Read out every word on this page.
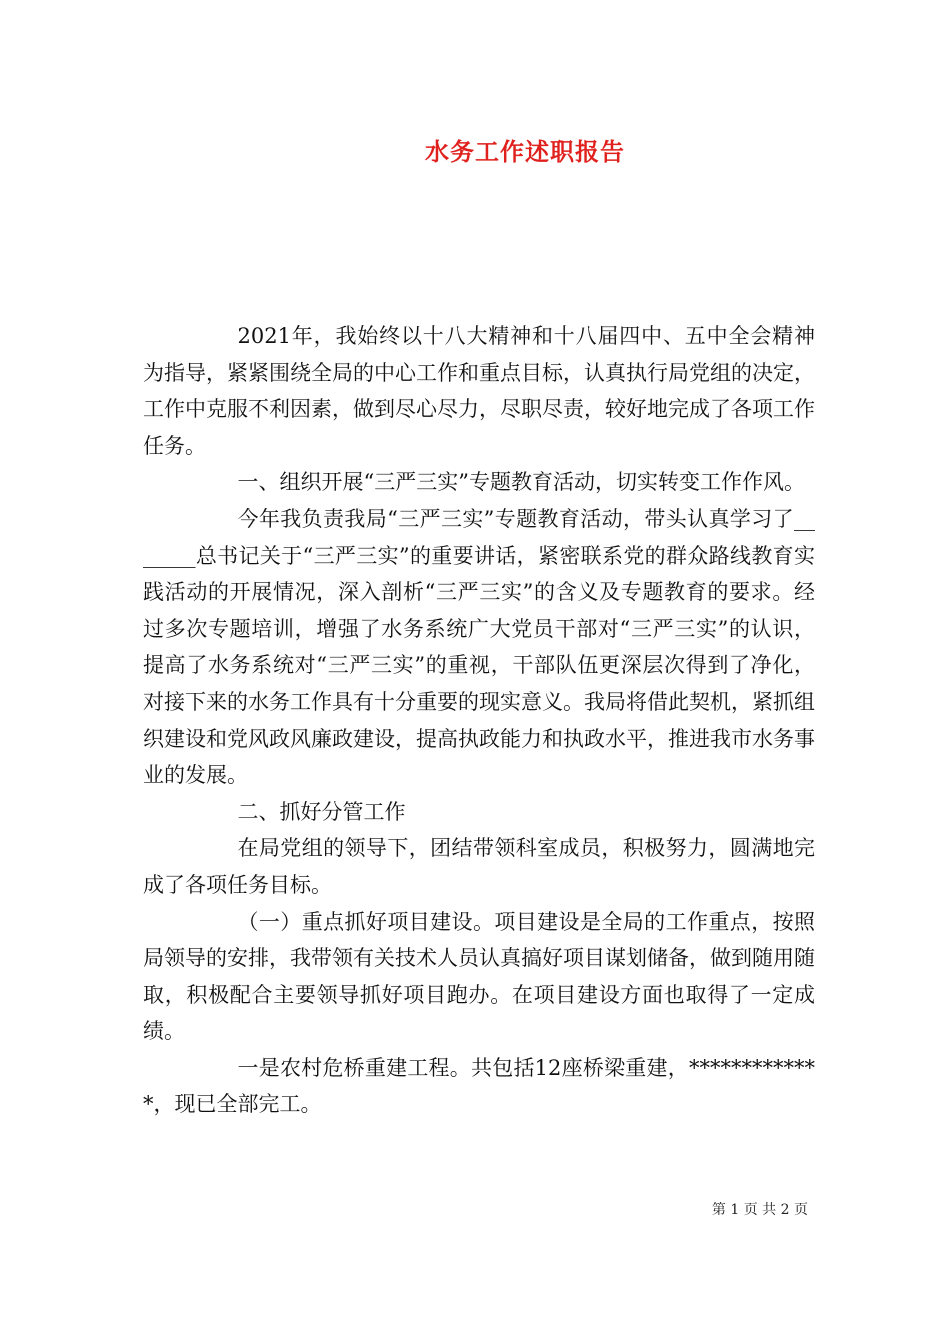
水务工作述职报告

2021年，我始终以十八大精神和十八届四中、五中全会精神为指导，紧紧围绕全局的中心工作和重点目标，认真执行局党组的决定，工作中克服不利因素，做到尽心尽力，尽职尽责，较好地完成了各项工作任务。

一、组织开展“三严三实”专题教育活动，切实转变工作作风。

今年我负责我局“三严三实”专题教育活动，带头认真学习了_______总书记关于“三严三实”的重要讲话，紧密联系党的群众路线教育实践活动的开展情况，深入剖析“三严三实”的含义及专题教育的要求。经过多次专题培训，增强了水务系统广大党员干部对“三严三实”的认识，提高了水务系统对“三严三实”的重视，干部队伍更深层次得到了净化，对接下来的水务工作具有十分重要的现实意义。我局将借此契机，紧抓组织建设和党风政风廉政建设，提高执政能力和执政水平，推进我市水务事业的发展。

二、抓好分管工作

在局党组的领导下，团结带领科室成员，积极努力，圆满地完成了各项任务目标。

（一）重点抓好项目建设。项目建设是全局的工作重点，按照局领导的安排，我带领有关技术人员认真搞好项目谋划储备，做到随用随取，积极配合主要领导抓好项目跑办。在项目建设方面也取得了一定成绩。

一是农村危桥重建工程。共包括12座桥梁重建，*************，现已全部完工。

第 1 页 共 2 页
